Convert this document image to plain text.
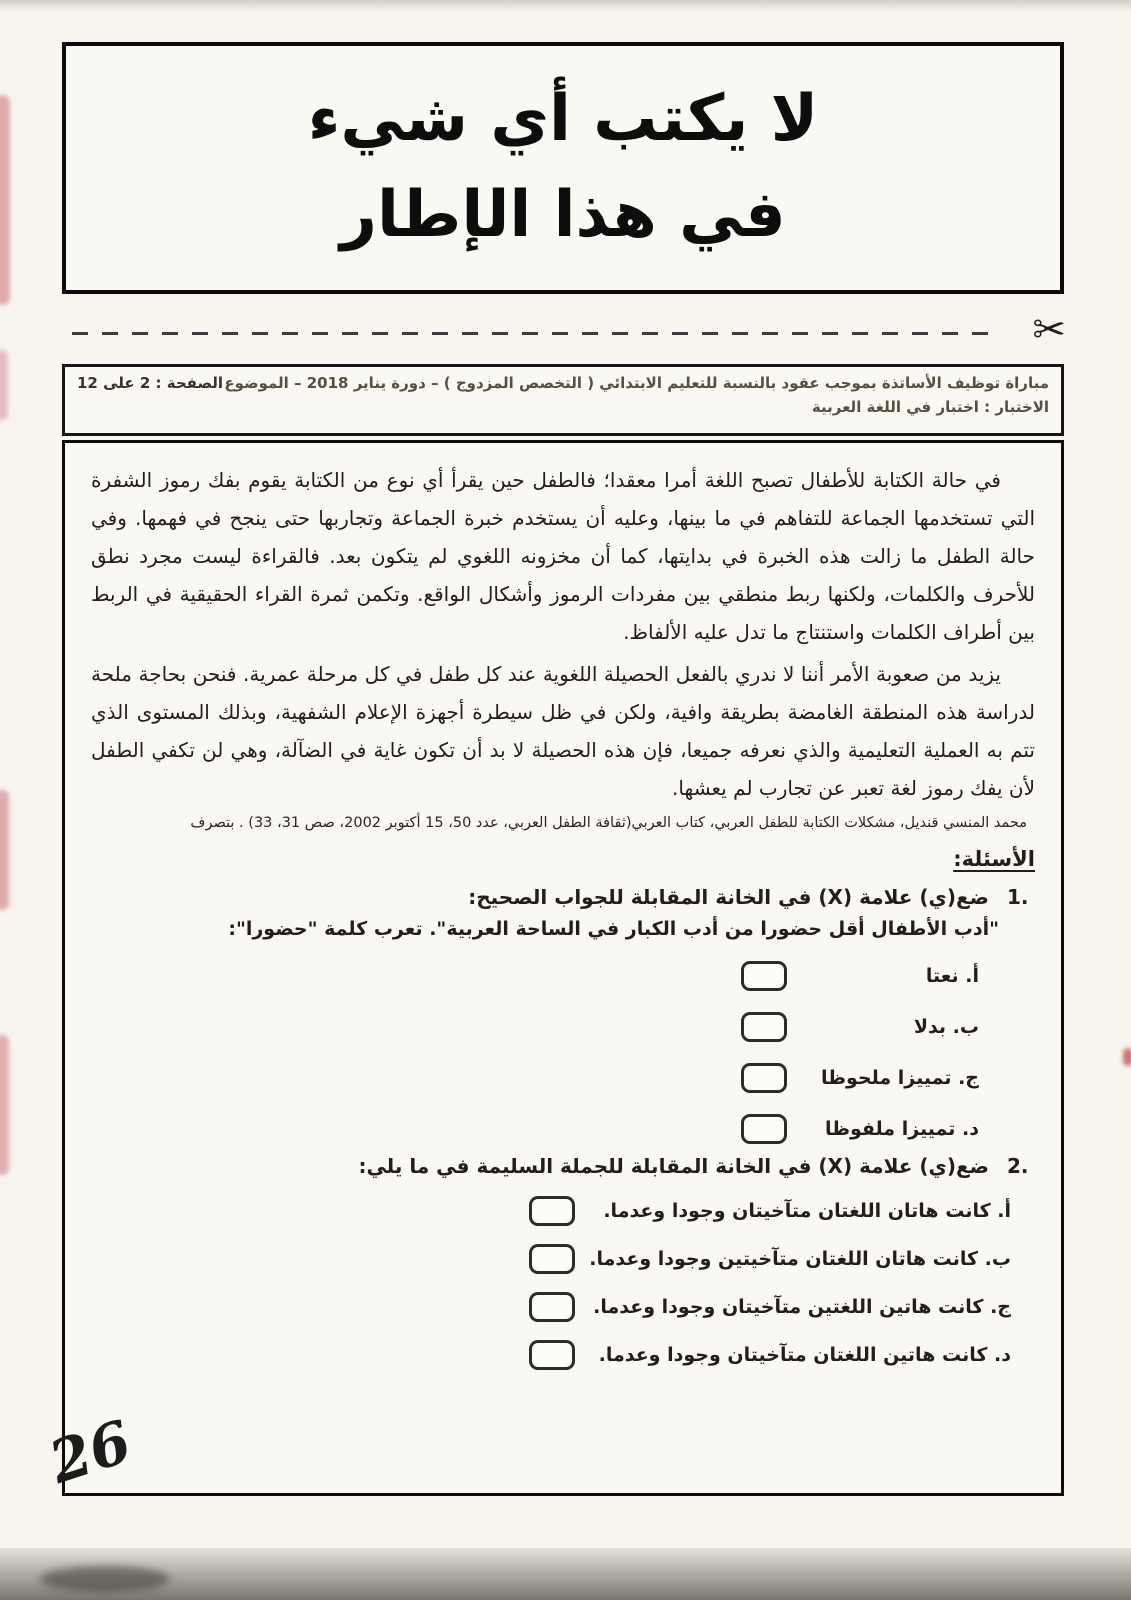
لا يكتب أي شيء
في هذا الإطار
✂
مباراة توظيف الأساتذة بموجب عقود بالنسبة للتعليم الابتدائي ( التخصص المزدوج ) – دورة يناير 2018 – الموضوع
الصفحة : 2 على 12
الاختبار : اختبار في اللغة العربية

في حالة الكتابة للأطفال تصبح اللغة أمرا معقدا؛ فالطفل حين يقرأ أي نوع من الكتابة يقوم بفك رموز الشفرة التي تستخدمها الجماعة للتفاهم في ما بينها، وعليه أن يستخدم خبرة الجماعة وتجاربها حتى ينجح في فهمها. وفي حالة الطفل ما زالت هذه الخبرة في بدايتها، كما أن مخزونه اللغوي لم يتكون بعد. فالقراءة ليست مجرد نطق للأحرف والكلمات، ولكنها ربط منطقي بين مفردات الرموز وأشكال الواقع. وتكمن ثمرة القراء الحقيقية في الربط بين أطراف الكلمات واستنتاج ما تدل عليه الألفاظ.

يزيد من صعوبة الأمر أننا لا ندري بالفعل الحصيلة اللغوية عند كل طفل في كل مرحلة عمرية. فنحن بحاجة ملحة لدراسة هذه المنطقة الغامضة بطريقة وافية، ولكن في ظل سيطرة أجهزة الإعلام الشفهية، وبذلك المستوى الذي تتم به العملية التعليمية والذي نعرفه جميعا، فإن هذه الحصيلة لا بد أن تكون غاية في الضآلة، وهي لن تكفي الطفل لأن يفك رموز لغة تعبر عن تجارب لم يعشها.

محمد المنسي قنديل، مشكلات الكتابة للطفل العربي، كتاب العربي(ثقافة الطفل العربي، عدد 50، 15 أكتوبر 2002، صص 31، 33) . بتصرف

الأسئلة:
1.
ضع(ي) علامة (X) في الخانة المقابلة للجواب الصحيح:
"أدب الأطفال أقل حضورا من أدب الكبار في الساحة العربية". تعرب كلمة "حضورا":
أ. نعتا
ب. بدلا
ج. تمييزا ملحوظا
د. تمييزا ملفوظا
2.
ضع(ي) علامة (X) في الخانة المقابلة للجملة السليمة في ما يلي:
أ. كانت هاتان اللغتان متآخيتان وجودا وعدما.
ب. كانت هاتان اللغتان متآخيتين وجودا وعدما.
ج. كانت هاتين اللغتين متآخيتان وجودا وعدما.
د. كانت هاتين اللغتان متآخيتان وجودا وعدما.
26
